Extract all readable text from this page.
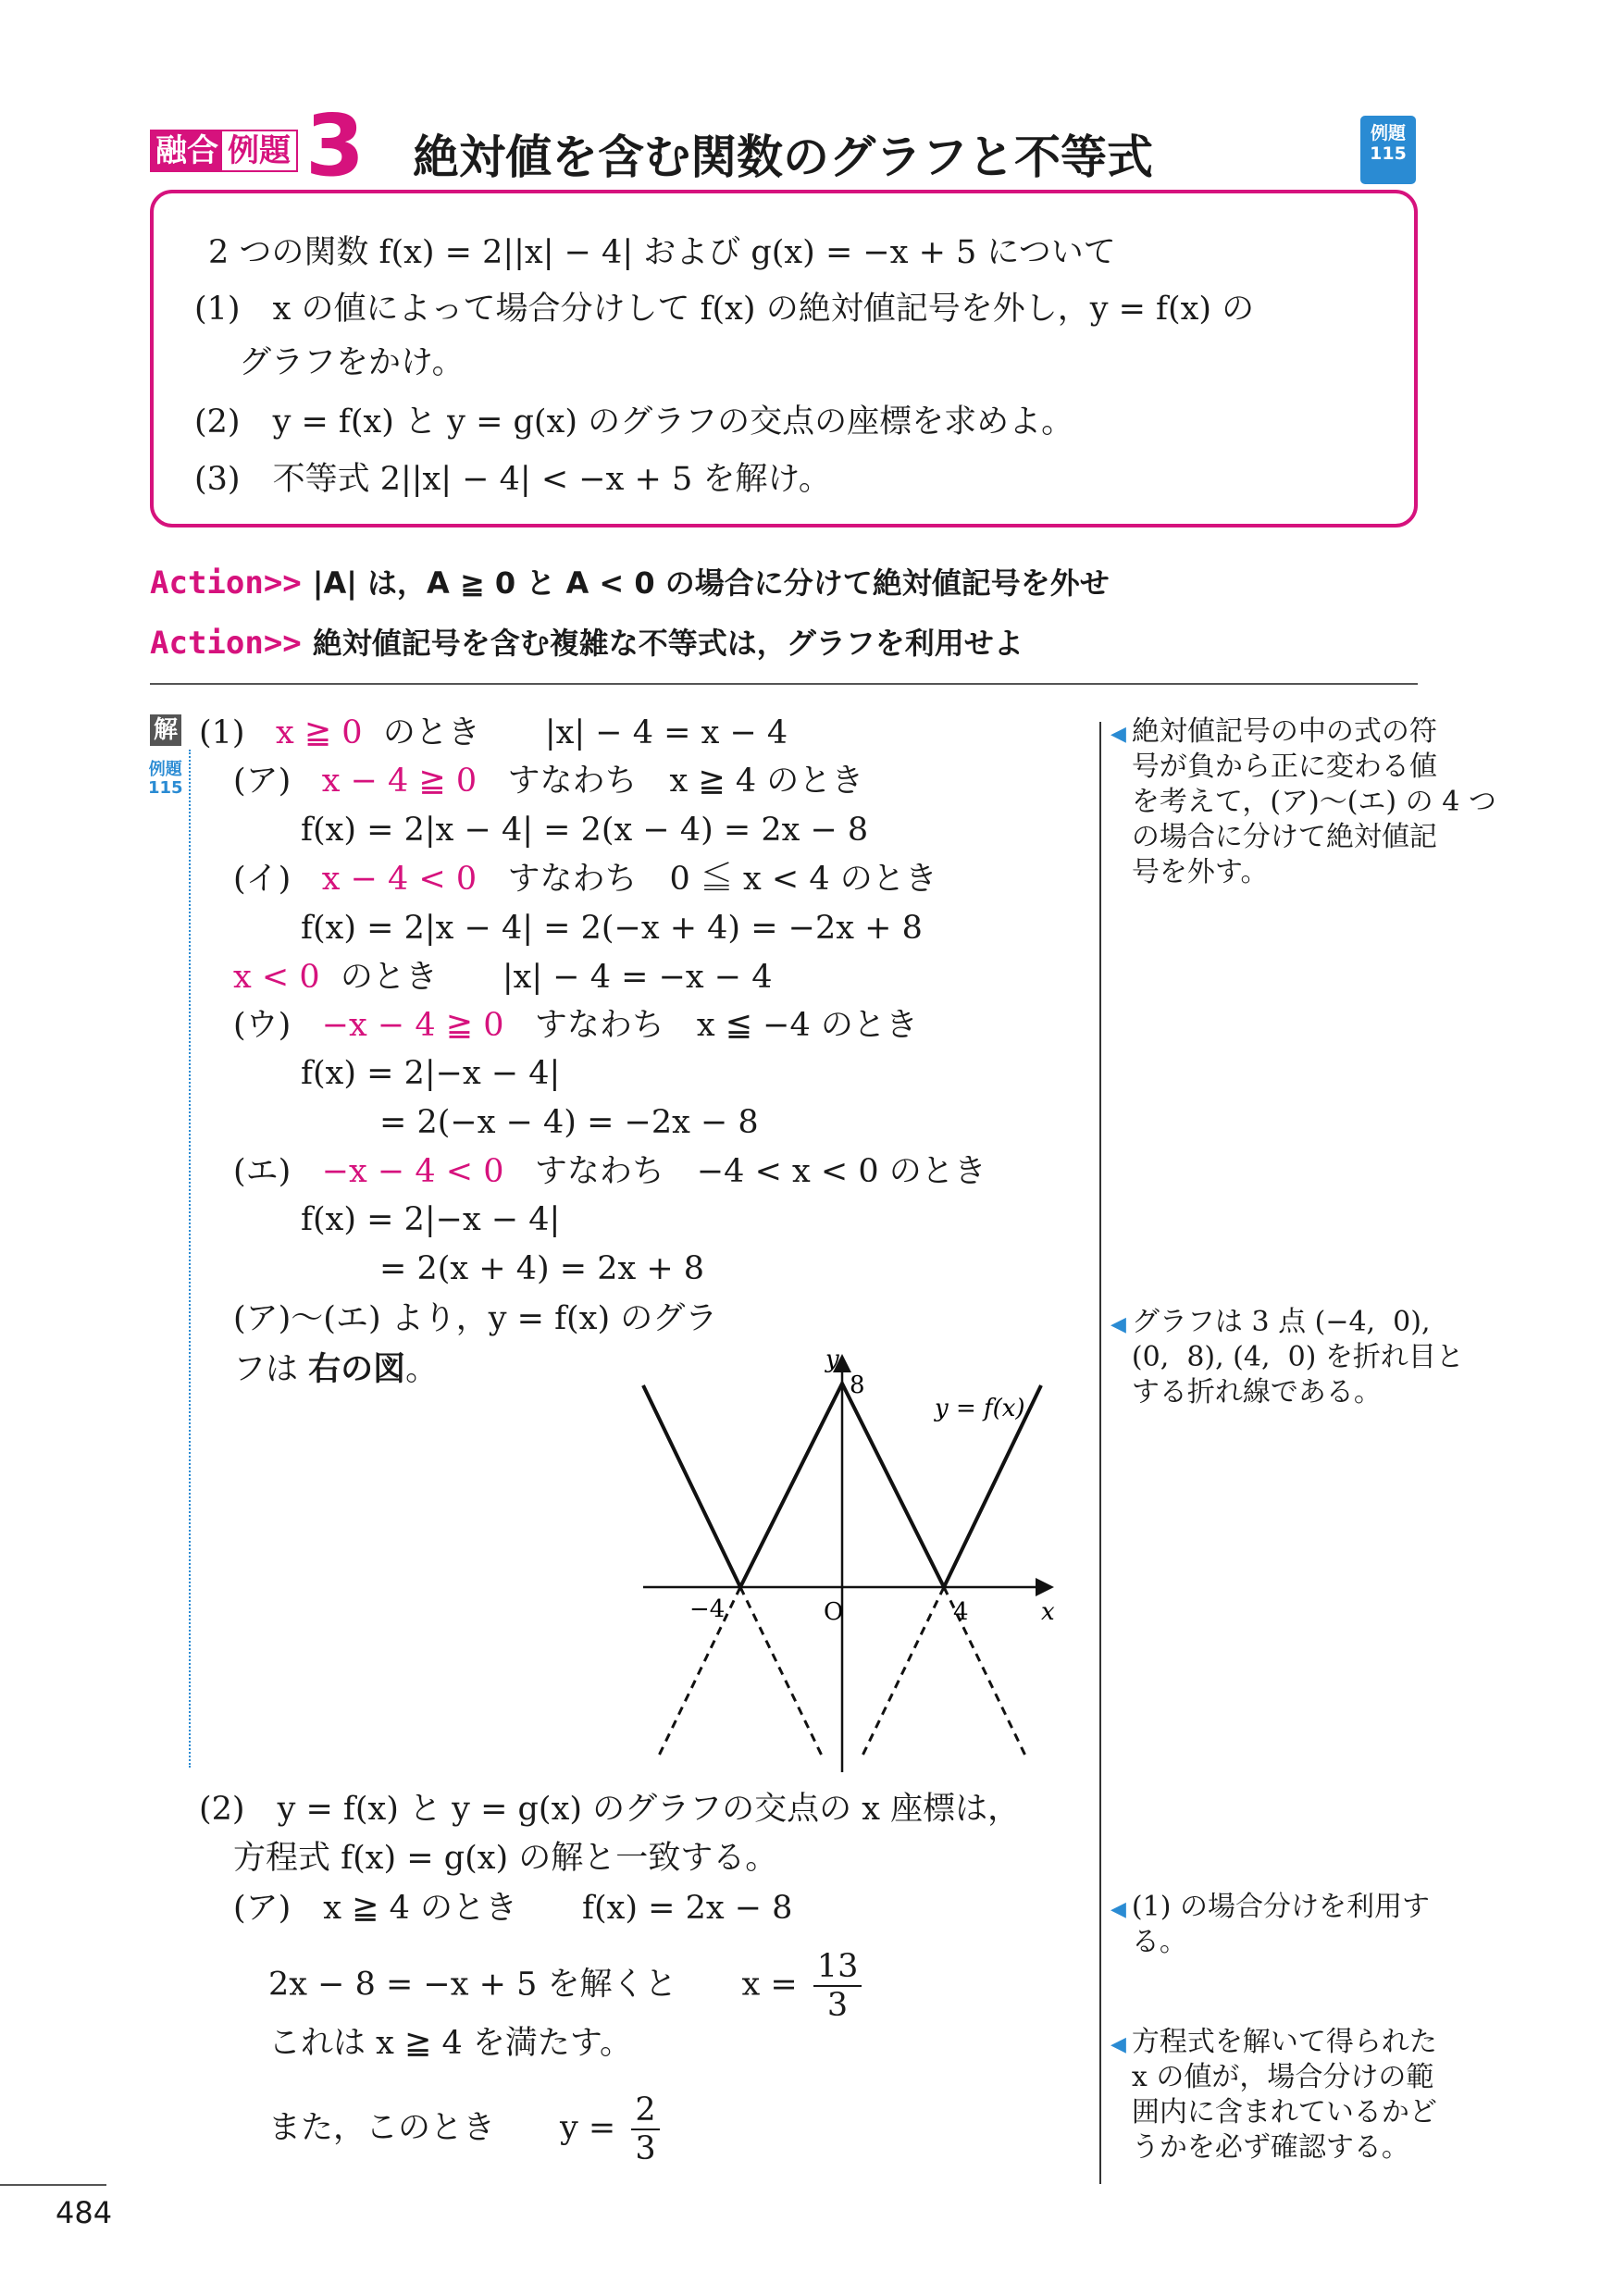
融合 例題 3 絶対値を含む関数のグラフと不等式	例題
115
2 つの関数 f(x) = 2||x| − 4| および g(x) = −x + 5 について
(1)　x の値によって場合分けして f(x) の絶対値記号を外し，y = f(x) の
グラフをかけ。
(2)　y = f(x) と y = g(x) のグラフの交点の座標を求めよ。
(3)　不等式 2||x| − 4| < −x + 5 を解け。
Action>> |A| は，A ≧ 0 と A < 0 の場合に分けて絶対値記号を外せ
Action>> 絶対値記号を含む複雑な不等式は，グラフを利用せよ
解
例題
115
(1) x ≧ 0 のとき　　|x| − 4 = x − 4
(ア) x − 4 ≧ 0 すなわち　x ≧ 4 のとき
f(x) = 2|x − 4| = 2(x − 4) = 2x − 8
(イ) x − 4 < 0 すなわち　0 ≦ x < 4 のとき
f(x) = 2|x − 4| = 2(−x + 4) = −2x + 8
x < 0 のとき　　|x| − 4 = −x − 4
(ウ) −x − 4 ≧ 0 すなわち　x ≦ −4 のとき
f(x) = 2|−x − 4|
= 2(−x − 4) = −2x − 8
(エ) −x − 4 < 0 すなわち　−4 < x < 0 のとき
f(x) = 2|−x − 4|
= 2(x + 4) = 2x + 8
(ア)〜(エ) より，y = f(x) のグラ
フは 右の図。	y
x
O
8
−4	4
y = f(x)
(2)　y = f(x) と y = g(x) のグラフの交点の x 座標は，
方程式 f(x) = g(x) の解と一致する。
(ア)　x ≧ 4 のとき　　f(x) = 2x − 8
2x − 8 = −x + 5 を解くと　　$x = \frac{13}{3}$
これは x ≧ 4 を満たす。
また，このとき　　$y = \frac{2}{3}$
◀ 絶対値記号の中の式の符
号が負から正に変わる値
を考えて，(ア)〜(エ) の 4 つ
の場合に分けて絶対値記
号を外す。
◀ グラフは 3 点 (−4,  0),
(0,  8), (4,  0) を折れ目と
する折れ線である。
◀ (1) の場合分けを利用す
る。
◀ 方程式を解いて得られた
x の値が，場合分けの範
囲内に含まれているかど
うかを必ず確認する。
484
